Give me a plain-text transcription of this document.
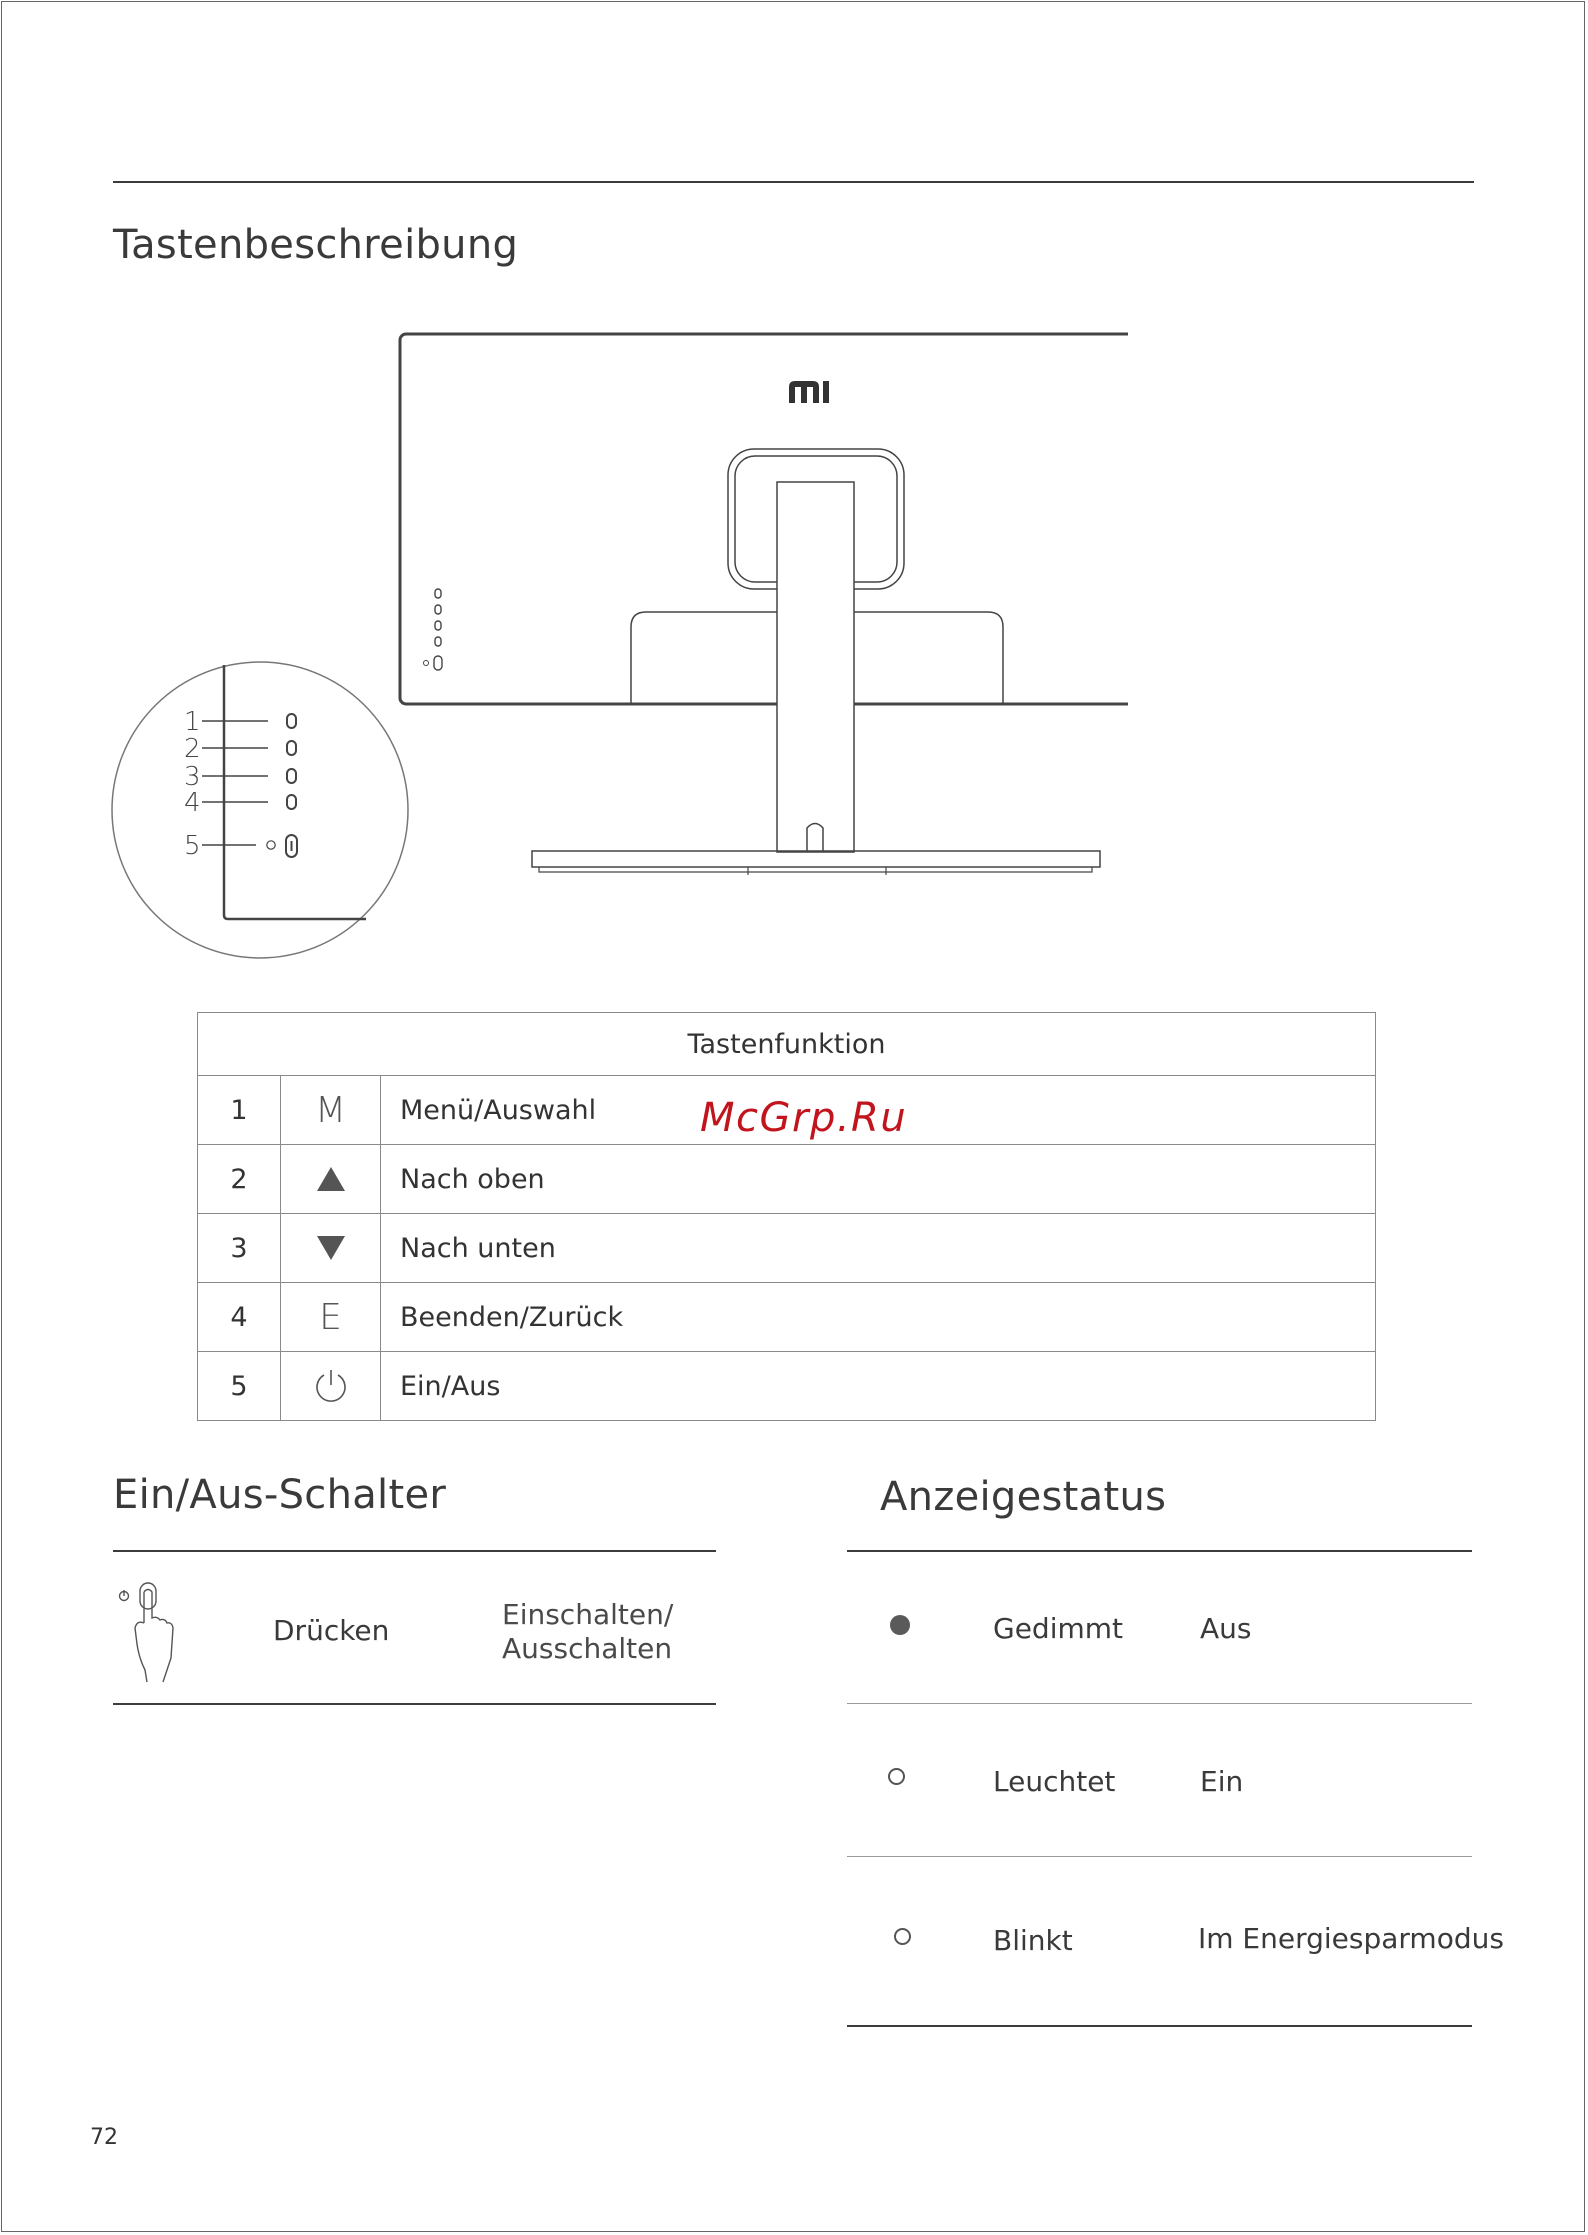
Tastenbeschreibung
1
2
3
4
5
Tastenfunktion		
1	M	Menü/Auswahl
2		Nach oben
3		Nach unten
4	E	Beenden/Zurück
5		Ein/Aus
McGrp.Ru
Ein/Aus-Schalter
Drücken	Einschalten/
Ausschalten
Anzeigestatus
Gedimmt	Aus
Leuchtet	Ein
Blinkt	Im Energiesparmodus
72
